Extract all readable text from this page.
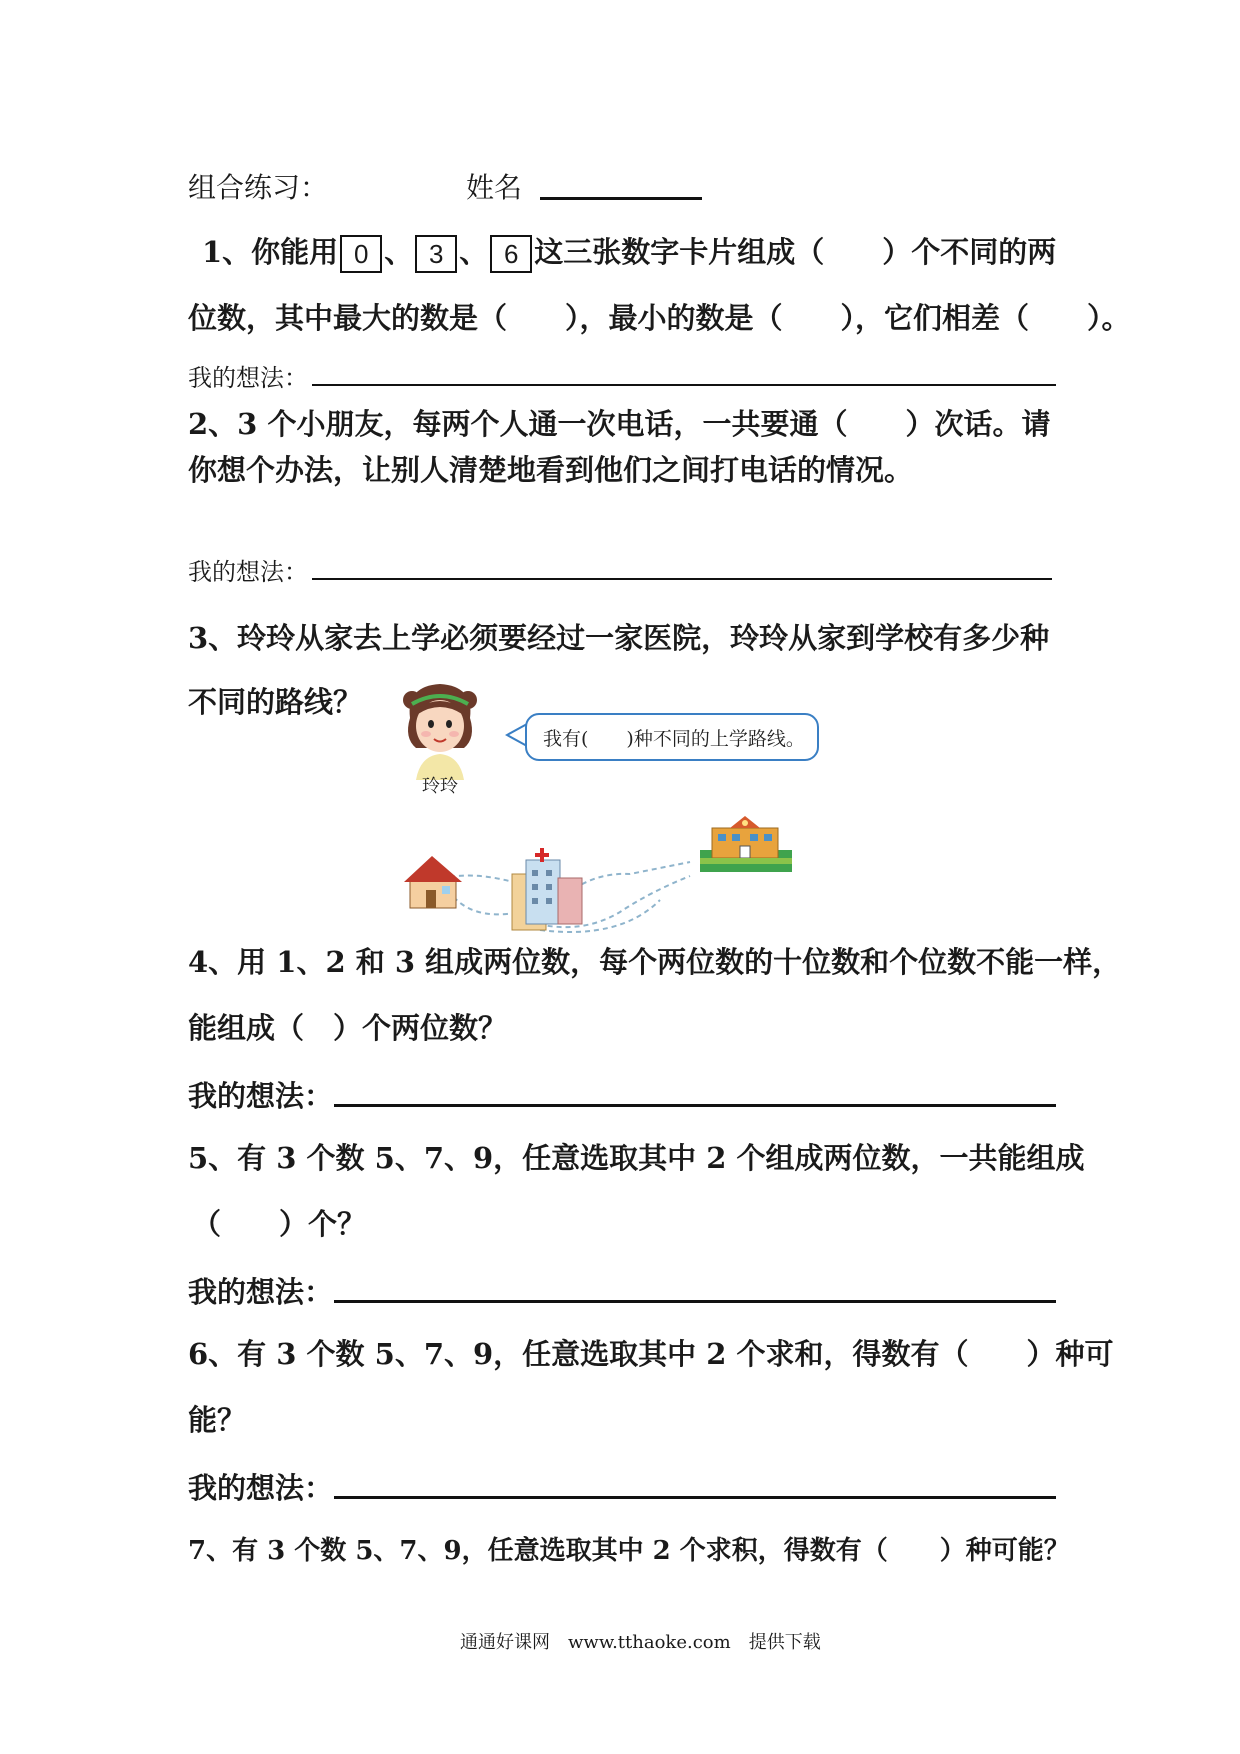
组合练习：	姓名
1、你能用 0 、 3 、 6 这三张数字卡片组成（　　）个不同的两
位数，其中最大的数是（　　），最小的数是（　　），它们相差（　　）。
我的想法：
2、3 个小朋友，每两个人通一次电话，一共要通（　　）次话。请
你想个办法，让别人清楚地看到他们之间打电话的情况。
我的想法：
3、玲玲从家去上学必须要经过一家医院，玲玲从家到学校有多少种
不同的路线？
玲玲
我有(　　)种不同的上学路线。
4、用 1、2 和 3 组成两位数，每个两位数的十位数和个位数不能一样，
能组成（　）个两位数？
我的想法：
5、有 3 个数 5、7、9，任意选取其中 2 个组成两位数，一共能组成
（　　）个？
我的想法：
6、有 3 个数 5、7、9，任意选取其中 2 个求和，得数有（　　）种可
能？
我的想法：
7、有 3 个数 5、7、9，任意选取其中 2 个求积，得数有（　　）种可能？
通通好课网　www.tthaoke.com　提供下载
